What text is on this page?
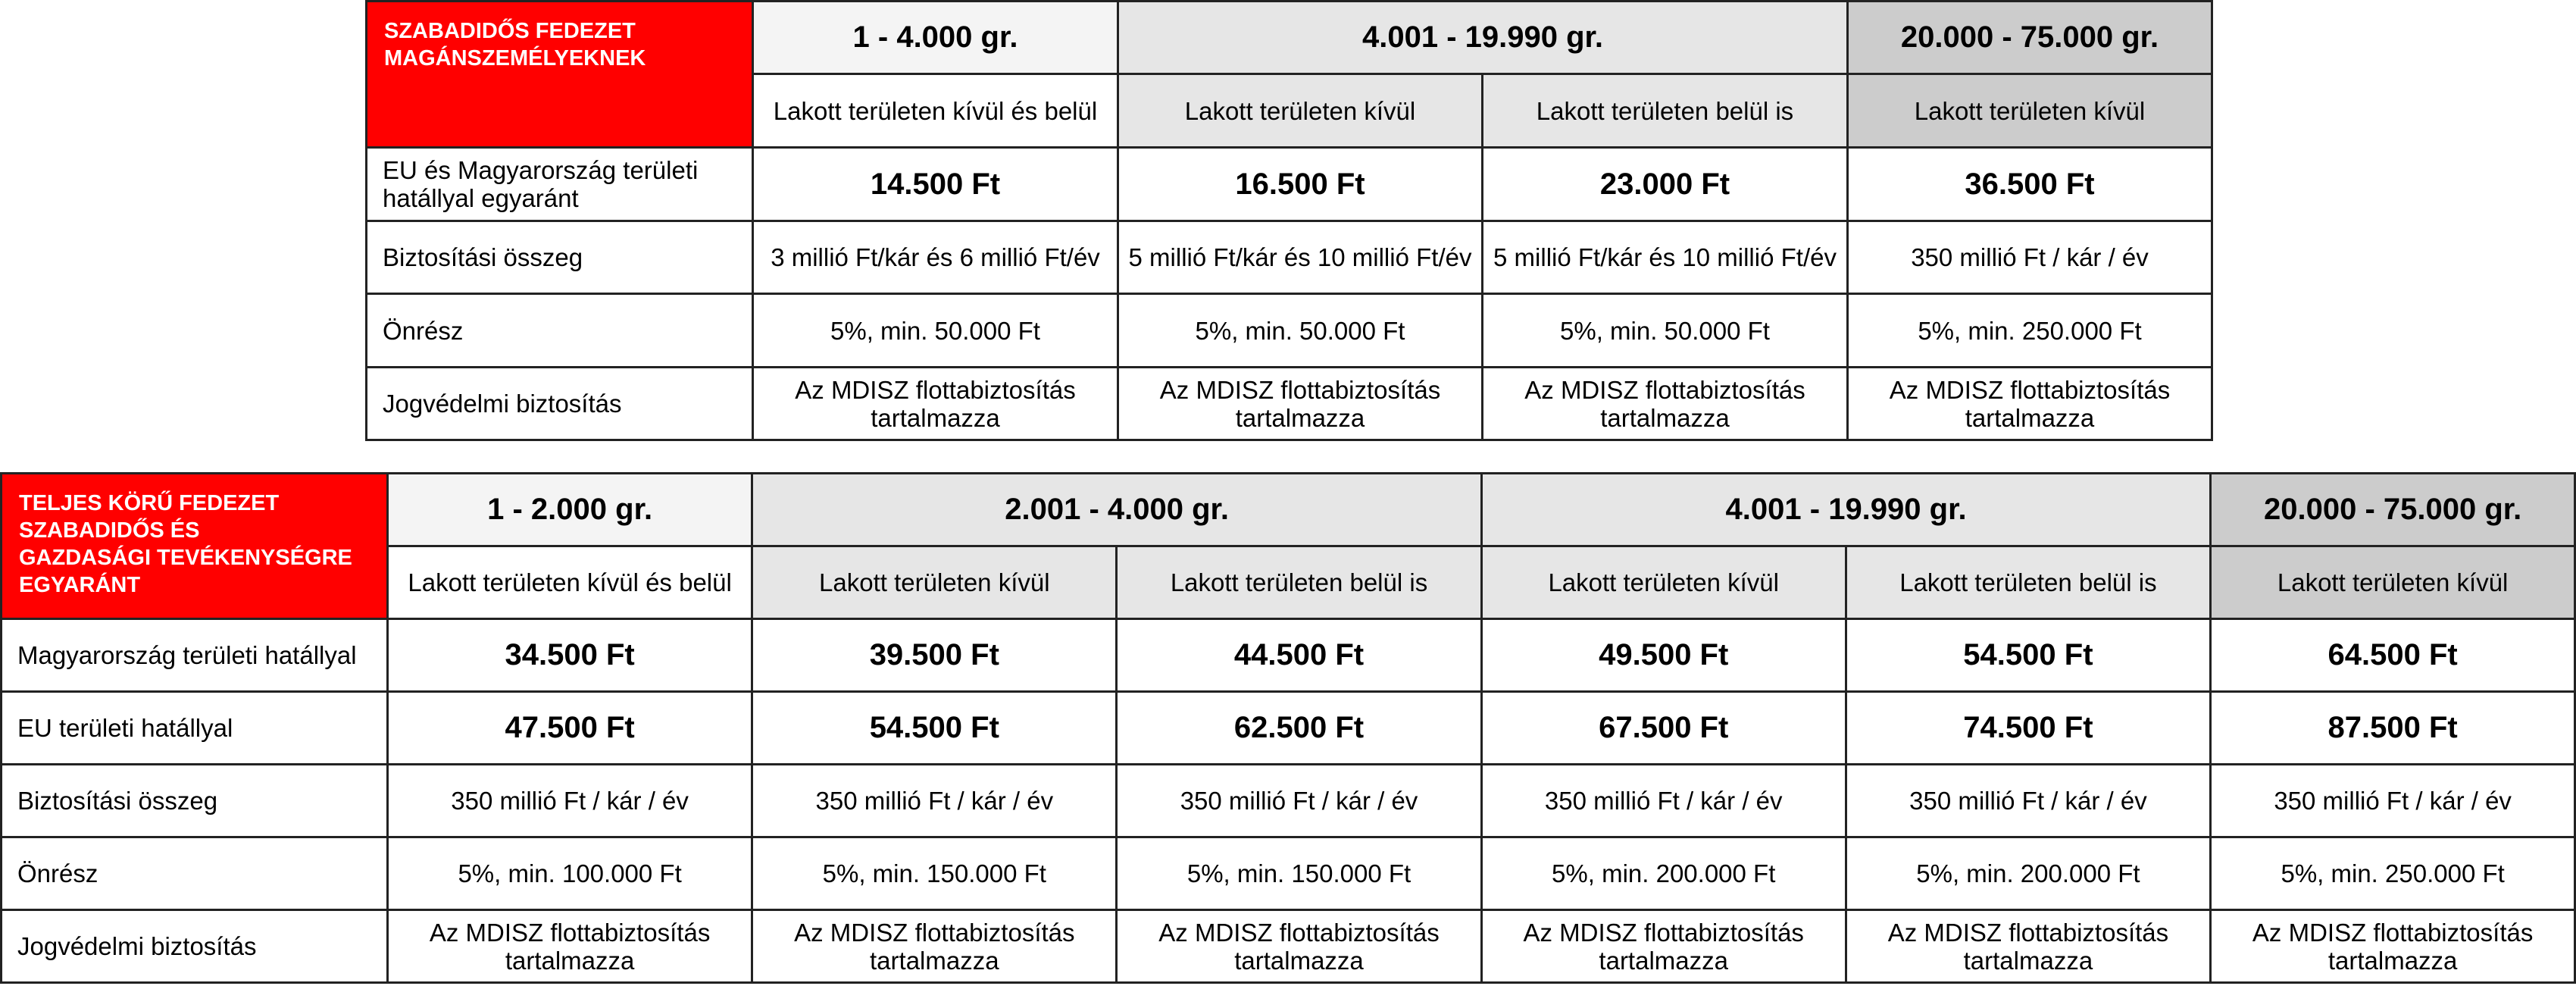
SZABADIDŐS FEDEZET
MAGÁNSZEMÉLYEKNEK	1 - 4.000 gr.	4.001 - 19.990 gr.		20.000 - 75.000 gr.
	Lakott területen kívül és belül	Lakott területen kívül	Lakott területen belül is	Lakott területen kívül
EU és Magyarország területi hatállyal egyaránt	14.500 Ft	16.500 Ft	23.000 Ft	36.500 Ft
Biztosítási összeg	3 millió Ft/kár és 6 millió Ft/év	5 millió Ft/kár és 10 millió Ft/év	5 millió Ft/kár és 10 millió Ft/év	350 millió Ft / kár / év
Önrész	5%, min. 50.000 Ft	5%, min. 50.000 Ft	5%, min. 50.000 Ft	5%, min. 250.000 Ft
Jogvédelmi biztosítás	Az MDISZ flottabiztosítás tartalmazza	Az MDISZ flottabiztosítás tartalmazza	Az MDISZ flottabiztosítás tartalmazza	Az MDISZ flottabiztosítás tartalmazza
TELJES KÖRŰ FEDEZET
SZABADIDŐS ÉS
GAZDASÁGI TEVÉKENYSÉGRE
EGYARÁNT	1 - 2.000 gr.	2.001 - 4.000 gr.		4.001 - 19.990 gr.		20.000 - 75.000 gr.
	Lakott területen kívül és belül	Lakott területen kívül	Lakott területen belül is	Lakott területen kívül	Lakott területen belül is	Lakott területen kívül
Magyarország területi hatállyal	34.500 Ft	39.500 Ft	44.500 Ft	49.500 Ft	54.500 Ft	64.500 Ft
EU területi hatállyal	47.500 Ft	54.500 Ft	62.500 Ft	67.500 Ft	74.500 Ft	87.500 Ft
Biztosítási összeg	350 millió Ft / kár / év	350 millió Ft / kár / év	350 millió Ft / kár / év	350 millió Ft / kár / év	350 millió Ft / kár / év	350 millió Ft / kár / év
Önrész	5%, min. 100.000 Ft	5%, min. 150.000 Ft	5%, min. 150.000 Ft	5%, min. 200.000 Ft	5%, min. 200.000 Ft	5%, min. 250.000 Ft
Jogvédelmi biztosítás	Az MDISZ flottabiztosítás tartalmazza	Az MDISZ flottabiztosítás tartalmazza	Az MDISZ flottabiztosítás tartalmazza	Az MDISZ flottabiztosítás tartalmazza	Az MDISZ flottabiztosítás tartalmazza	Az MDISZ flottabiztosítás tartalmazza
